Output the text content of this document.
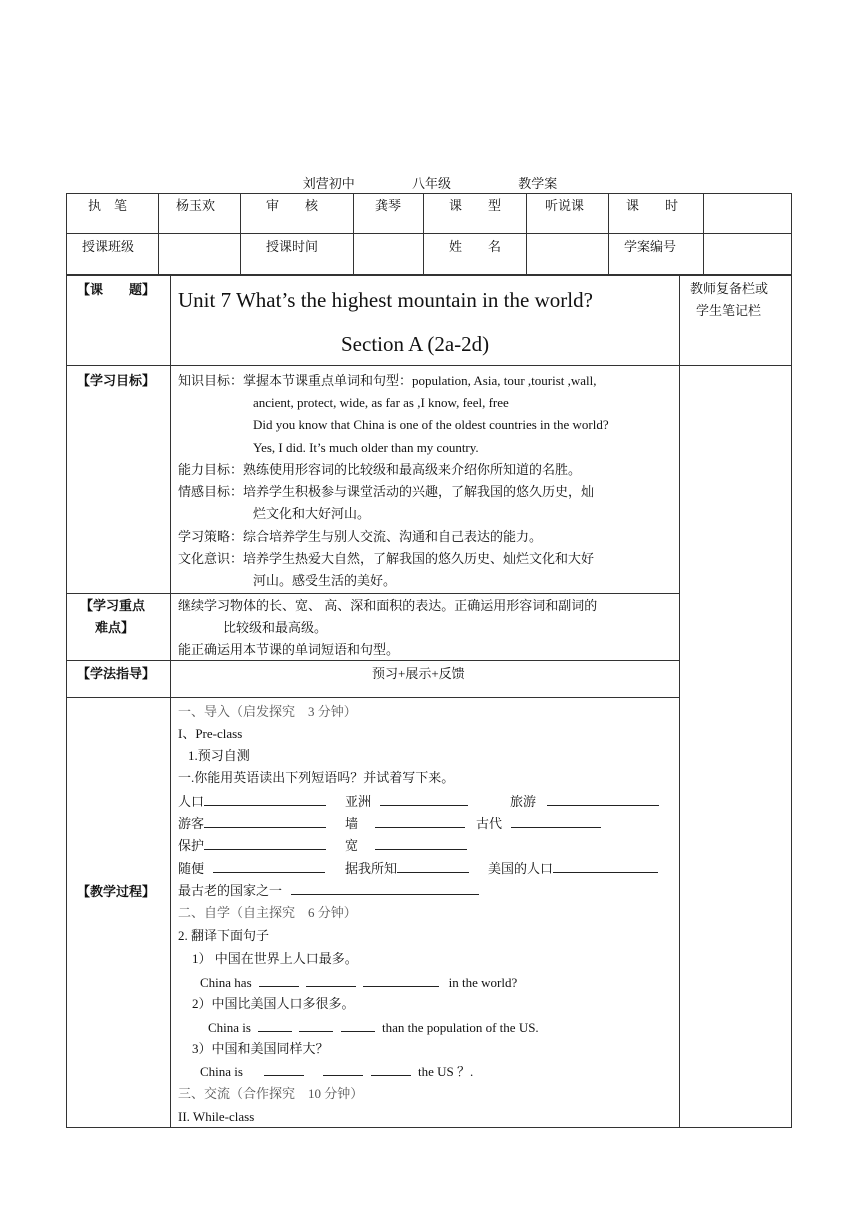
刘营初中	八年级	教学案
执　笔	杨玉欢	审　　核	龚琴	课　　型	听说课	课　　时
授课班级	授课时间	姓　　名	学案编号
【课　　题】 Unit 7 What’s the highest mountain in the world?
Section A (2a-2d)
教师复备栏或
学生笔记栏
【学习目标】 知识目标：掌握本节课重点单词和句型：population, Asia, tour ,tourist ,wall,
ancient, protect, wide, as far as ,I know, feel, free
Did you know that China is one of the oldest countries in the world?
Yes, I did. It’s much older than my country.
能力目标：熟练使用形容词的比较级和最高级来介绍你所知道的名胜。
情感目标：培养学生积极参与课堂活动的兴趣，了解我国的悠久历史，灿
烂文化和大好河山。
学习策略：综合培养学生与别人交流、沟通和自己表达的能力。
文化意识：培养学生热爱大自然，了解我国的悠久历史、灿烂文化和大好
河山。感受生活的美好。
【学习重点
难点】
继续学习物体的长、宽、 高、深和面积的表达。正确运用形容词和副词的
比较级和最高级。
能正确运用本节课的单词短语和句型。
【学法指导】	预习+展示+反馈
【教学过程】
一、导入（启发探究　3 分钟）
I、Pre-class
1.预习自测
一.你能用英语读出下列短语吗？并试着写下来。
人口	亚洲	旅游
游客	墙	古代
保护	宽
随便	据我所知	美国的人口
最古老的国家之一
二、自学（自主探究　6 分钟）
2. 翻译下面句子
1） 中国在世界上人口最多。
China has	in the world?
2）中国比美国人口多很多。
China is	than the population of the US.
3）中国和美国同样大？
China is	the US ？.
三、交流（合作探究　10 分钟）
II. While-class
